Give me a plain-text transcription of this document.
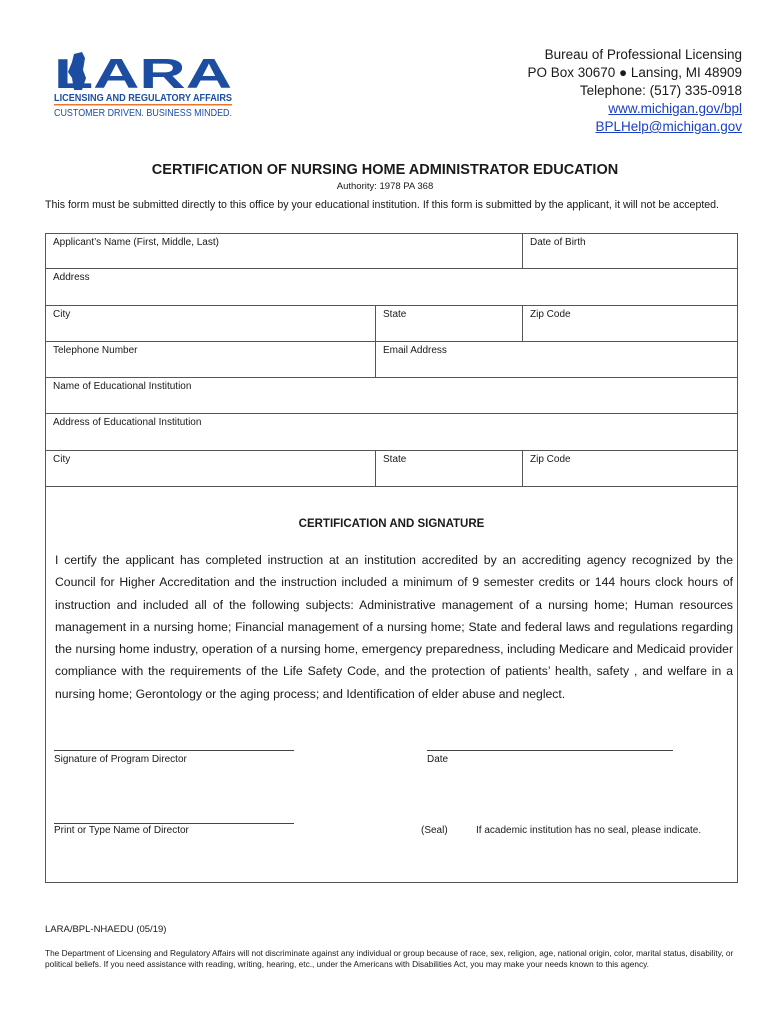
LARA
LICENSING AND REGULATORY AFFAIRS
CUSTOMER DRIVEN. BUSINESS MINDED.
Bureau of Professional Licensing
PO Box 30670 ● Lansing, MI 48909
Telephone: (517) 335-0918
www.michigan.gov/bpl
BPLHelp@michigan.gov
CERTIFICATION OF NURSING HOME ADMINISTRATOR EDUCATION
Authority: 1978 PA 368
This form must be submitted directly to this office by your educational institution. If this form is submitted by the applicant, it will not be accepted.
Applicant’s Name (First, Middle, Last)	Date of Birth
Address
City	State	Zip Code
Telephone Number	Email Address
Name of Educational Institution
Address of Educational Institution
City	State	Zip Code
CERTIFICATION AND SIGNATURE
I certify the applicant has completed instruction at an institution accredited by an accrediting agency recognized by the Council for Higher Accreditation and the instruction included a minimum of 9 semester credits or 144 hours clock hours of instruction and included all of the following subjects: Administrative management of a nursing home; Human resources management in a nursing home; Financial management of a nursing home; State and federal laws and regulations regarding the nursing home industry, operation of a nursing home, emergency preparedness, including Medicare and Medicaid provider compliance with the requirements of the Life Safety Code, and the protection of patients’ health, safety , and welfare in a nursing home; Gerontology or the aging process; and Identification of elder abuse and neglect.
Signature of Program Director	Date
Print or Type Name of Director	(Seal)	If academic institution has no seal, please indicate.
LARA/BPL-NHAEDU (05/19)
The Department of Licensing and Regulatory Affairs will not discriminate against any individual or group because of race, sex, religion, age, national origin, color, marital status, disability, or political beliefs. If you need assistance with reading, writing, hearing, etc., under the Americans with Disabilities Act, you may make your needs known to this agency.
